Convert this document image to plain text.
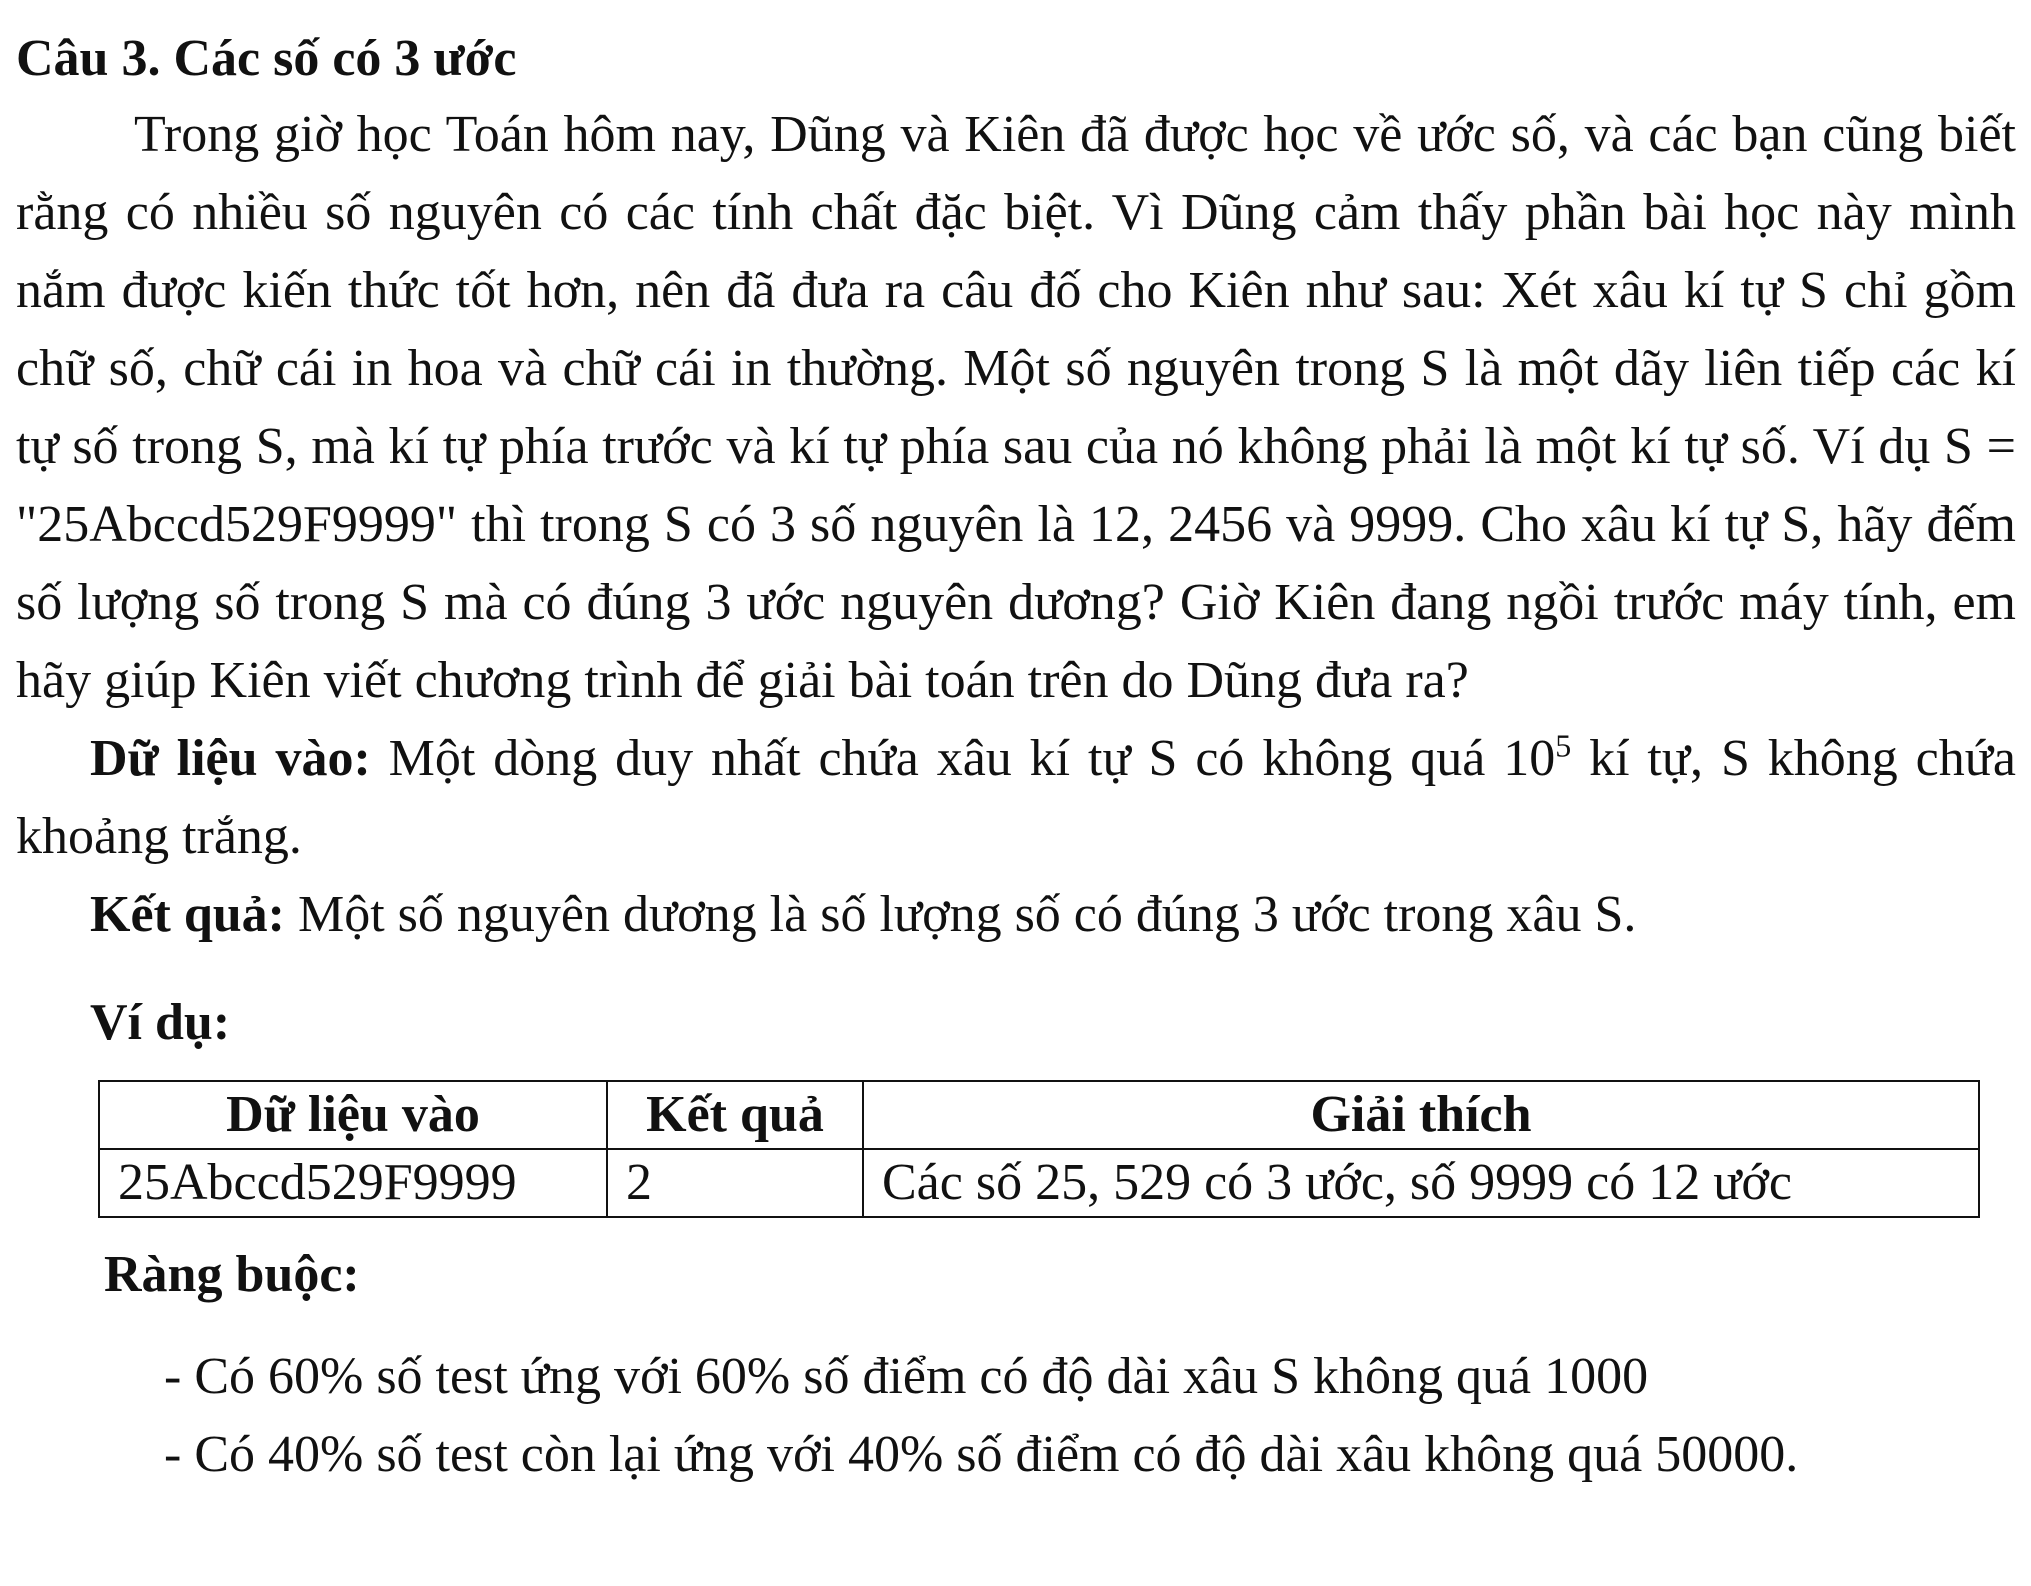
Câu 3. Các số có 3 ước

Trong giờ học Toán hôm nay, Dũng và Kiên đã được học về ước số, và các bạn cũng biết rằng có nhiều số nguyên có các tính chất đặc biệt. Vì Dũng cảm thấy phần bài học này mình nắm được kiến thức tốt hơn, nên đã đưa ra câu đố cho Kiên như sau: Xét xâu kí tự S chỉ gồm chữ số, chữ cái in hoa và chữ cái in thường. Một số nguyên trong S là một dãy liên tiếp các kí tự số trong S, mà kí tự phía trước và kí tự phía sau của nó không phải là một kí tự số. Ví dụ S = "25Abccd529F9999" thì trong S có 3 số nguyên là 12, 2456 và 9999. Cho xâu kí tự S, hãy đếm số lượng số trong S mà có đúng 3 ước nguyên dương? Giờ Kiên đang ngồi trước máy tính, em hãy giúp Kiên viết chương trình để giải bài toán trên do Dũng đưa ra?

Dữ liệu vào: Một dòng duy nhất chứa xâu kí tự S có không quá $10^5$ kí tự, S không chứa khoảng trắng.

Kết quả: Một số nguyên dương là số lượng số có đúng 3 ước trong xâu S.

Ví dụ:

Dữ liệu vào	Kết quả	Giải thích
25Abccd529F9999	2	Các số 25, 529 có 3 ước, số 9999 có 12 ước

Ràng buộc:

- Có 60% số test ứng với 60% số điểm có độ dài xâu S không quá 1000
- Có 40% số test còn lại ứng với 40% số điểm có độ dài xâu không quá 50000.
